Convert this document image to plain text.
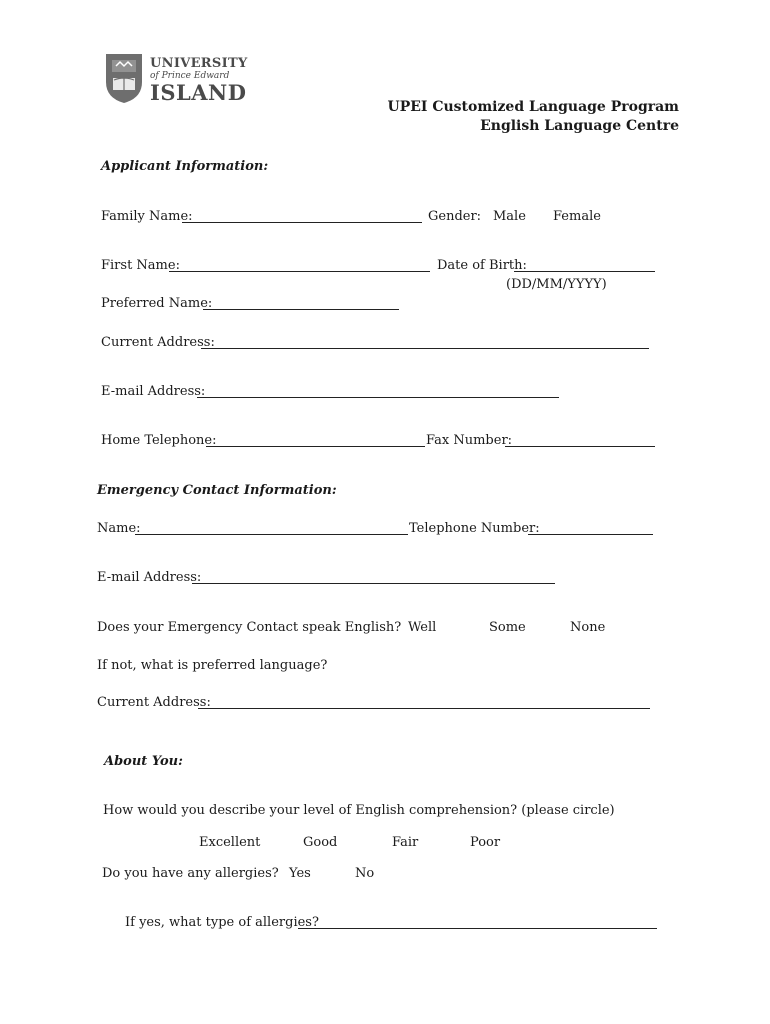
UNIVERSITY
of Prince Edward
ISLAND
UPEI Customized Language Program
English Language Centre
Applicant Information:
Family Name:	Gender: Male Female
First Name:	Date of Birth:
(DD/MM/YYYY)
Preferred Name:
Current Address:
E-mail Address:
Home Telephone:	Fax Number:
Emergency Contact Information:
Name:	Telephone Number:
E-mail Address:
Does your Emergency Contact speak English? Well	Some	None
If not, what is preferred language?
Current Address:
About You:
How would you describe your level of English comprehension? (please circle)
Excellent	Good	Fair	Poor
Do you have any allergies? Yes	No
If yes, what type of allergies?
